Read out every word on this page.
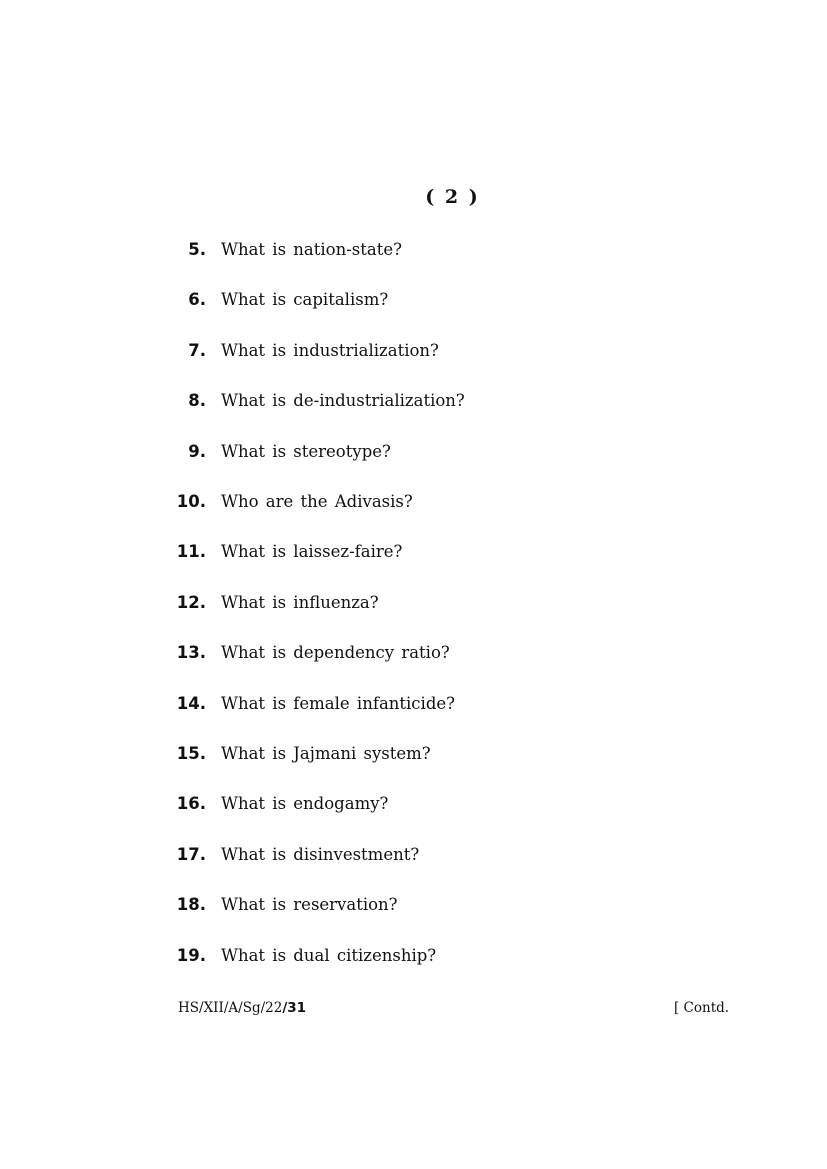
( 2 )
5. What is nation-state?
6. What is capitalism?
7. What is industrialization?
8. What is de-industrialization?
9. What is stereotype?
10. Who are the Adivasis?
11. What is laissez-faire?
12. What is influenza?
13. What is dependency ratio?
14. What is female infanticide?
15. What is Jajmani system?
16. What is endogamy?
17. What is disinvestment?
18. What is reservation?
19. What is dual citizenship?
HS/XII/A/Sg/22/31	[ Contd.
